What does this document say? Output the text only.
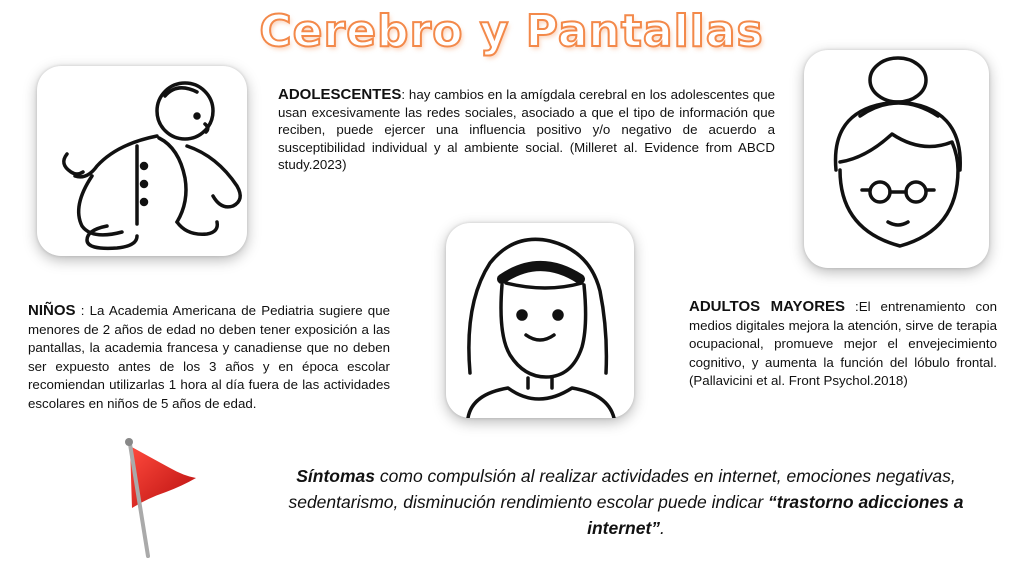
Cerebro y Pantallas
ADOLESCENTES: hay cambios en la amígdala cerebral en los adolescentes que usan excesivamente las redes sociales, asociado a que el tipo de información que reciben, puede ejercer una influencia positivo y/o negativo de acuerdo a susceptibilidad individual y al ambiente social. (Milleret al. Evidence from ABCD study.2023)
NIÑOS : La Academia Americana de Pediatria sugiere que menores de 2 años de edad no deben tener exposición a las pantallas, la academia francesa y canadiense que no deben ser expuesto antes de los 3 años y en época escolar recomiendan utilizarlas 1 hora al día fuera de las actividades escolares en niños de 5 años de edad.
ADULTOS MAYORES :El entrenamiento con medios digitales mejora la atención, sirve de terapia ocupacional, promueve mejor el envejecimiento cognitivo, y aumenta la función del lóbulo frontal. (Pallavicini et al. Front Psychol.2018)
Síntomas como compulsión al realizar actividades en internet, emociones negativas, sedentarismo, disminución rendimiento escolar puede indicar “trastorno adicciones a internet”.
